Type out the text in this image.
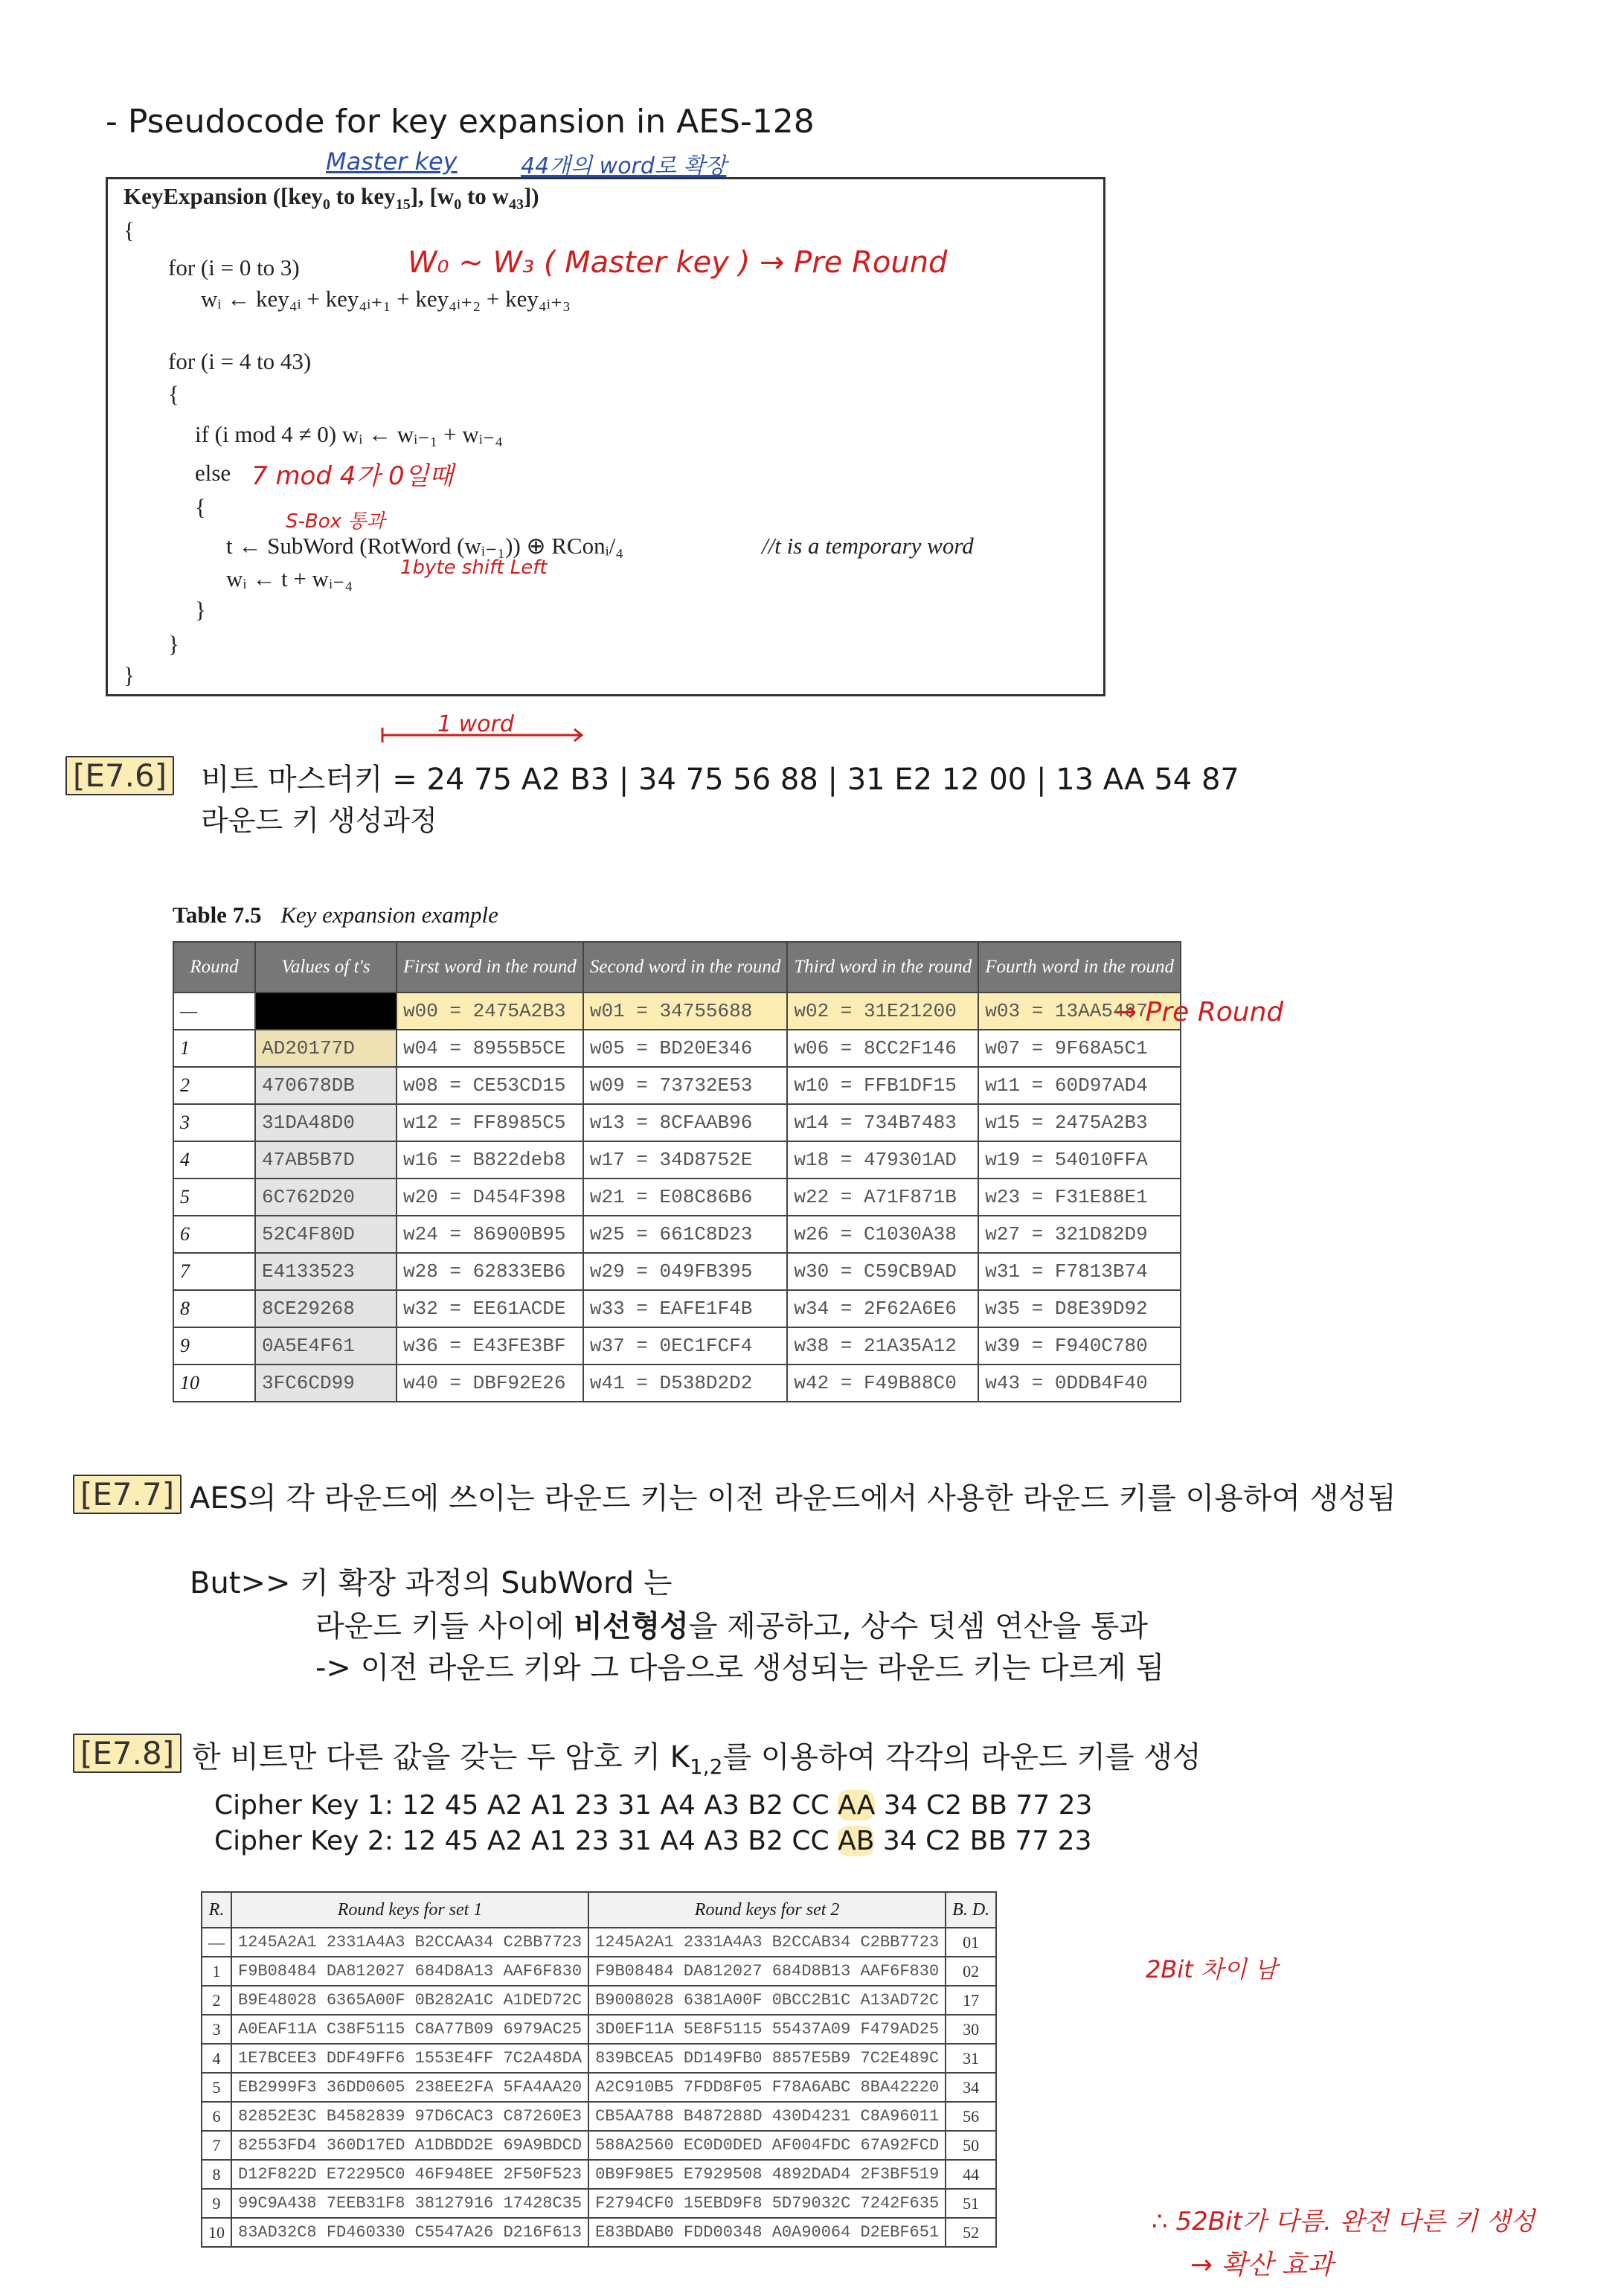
- Pseudocode for key expansion in AES-128
Master key	44개의 word로 확장
KeyExpansion ([key$_0$ to key$_{15}$], [$w_0$ to $w_{43}$])
{
for (i = 0 to 3)	W₀ ~ W₃ ( Master key ) → Pre Round
wᵢ ← key₄ᵢ + key₄ᵢ₊₁ + key₄ᵢ₊₂ + key₄ᵢ₊₃
for (i = 4 to 43)
{
if (i mod 4 ≠ 0) wᵢ ← wᵢ₋₁ + wᵢ₋₄
else 7 mod 4가 0일때
{
S-Box 통과
t ← SubWord (RotWord (wᵢ₋₁)) ⊕ RConᵢ/₄	//t is a temporary word
wᵢ ← t + wᵢ₋₄ 1byte shift Left
}
}
}
1 word
[E7.6] 비트 마스터키 = 24 75 A2 B3 | 34 75 56 88 | 31 E2 12 00 | 13 AA 54 87
라운드 키 생성과정
Table 7.5 Key expansion example
Round	Values of t's	First word in the round	Second word in the round	Third word in the round	Fourth word in the round
—		w00 = 2475A2B3	w01 = 34755688	w02 = 31E21200	w03 = 13AA5487
1	AD20177D	w04 = 8955B5CE	w05 = BD20E346	w06 = 8CC2F146	w07 = 9F68A5C1
2	470678DB	w08 = CE53CD15	w09 = 73732E53	w10 = FFB1DF15	w11 = 60D97AD4
3	31DA48D0	w12 = FF8985C5	w13 = 8CFAAB96	w14 = 734B7483	w15 = 2475A2B3
4	47AB5B7D	w16 = B822deb8	w17 = 34D8752E	w18 = 479301AD	w19 = 54010FFA
5	6C762D20	w20 = D454F398	w21 = E08C86B6	w22 = A71F871B	w23 = F31E88E1
6	52C4F80D	w24 = 86900B95	w25 = 661C8D23	w26 = C1030A38	w27 = 321D82D9
7	E4133523	w28 = 62833EB6	w29 = 049FB395	w30 = C59CB9AD	w31 = F7813B74
8	8CE29268	w32 = EE61ACDE	w33 = EAFE1F4B	w34 = 2F62A6E6	w35 = D8E39D92
9	0A5E4F61	w36 = E43FE3BF	w37 = 0EC1FCF4	w38 = 21A35A12	w39 = F940C780
10	3FC6CD99	w40 = DBF92E26	w41 = D538D2D2	w42 = F49B88C0	w43 = 0DDB4F40
→ Pre Round
[E7.7] AES의 각 라운드에 쓰이는 라운드 키는 이전 라운드에서 사용한 라운드 키를 이용하여 생성됨
But>> 키 확장 과정의 SubWord 는
라운드 키들 사이에 비선형성을 제공하고, 상수 덧셈 연산을 통과
-> 이전 라운드 키와 그 다음으로 생성되는 라운드 키는 다르게 됨
[E7.8] 한 비트만 다른 값을 갖는 두 암호 키 $K_{1,2}$를 이용하여 각각의 라운드 키를 생성
Cipher Key 1: 12 45 A2 A1 23 31 A4 A3 B2 CC AA 34 C2 BB 77 23
Cipher Key 2: 12 45 A2 A1 23 31 A4 A3 B2 CC AB 34 C2 BB 77 23
R.	Round keys for set 1	Round keys for set 2	B. D.
—	1245A2A1 2331A4A3 B2CCAA34 C2BB7723	1245A2A1 2331A4A3 B2CCAB34 C2BB7723	01
1	F9B08484 DA812027 684D8A13 AAF6F830	F9B08484 DA812027 684D8B13 AAF6F830	02
2	B9E48028 6365A00F 0B282A1C A1DED72C	B9008028 6381A00F 0BCC2B1C A13AD72C	17
3	A0EAF11A C38F5115 C8A77B09 6979AC25	3D0EF11A 5E8F5115 55437A09 F479AD25	30
4	1E7BCEE3 DDF49FF6 1553E4FF 7C2A48DA	839BCEA5 DD149FB0 8857E5B9 7C2E489C	31
5	EB2999F3 36DD0605 238EE2FA 5FA4AA20	A2C910B5 7FDD8F05 F78A6ABC 8BA42220	34
6	82852E3C B4582839 97D6CAC3 C87260E3	CB5AA788 B487288D 430D4231 C8A96011	56
7	82553FD4 360D17ED A1DBDD2E 69A9BDCD	588A2560 EC0D0DED AF004FDC 67A92FCD	50
8	D12F822D E72295C0 46F948EE 2F50F523	0B9F98E5 E7929508 4892DAD4 2F3BF519	44
9	99C9A438 7EEB31F8 38127916 17428C35	F2794CF0 15EBD9F8 5D79032C 7242F635	51
10	83AD32C8 FD460330 C5547A26 D216F613	E83BDAB0 FDD00348 A0A90064 D2EBF651	52
2Bit 차이 남
∴ 52Bit가 다름. 완전 다른 키 생성
→ 확산 효과
